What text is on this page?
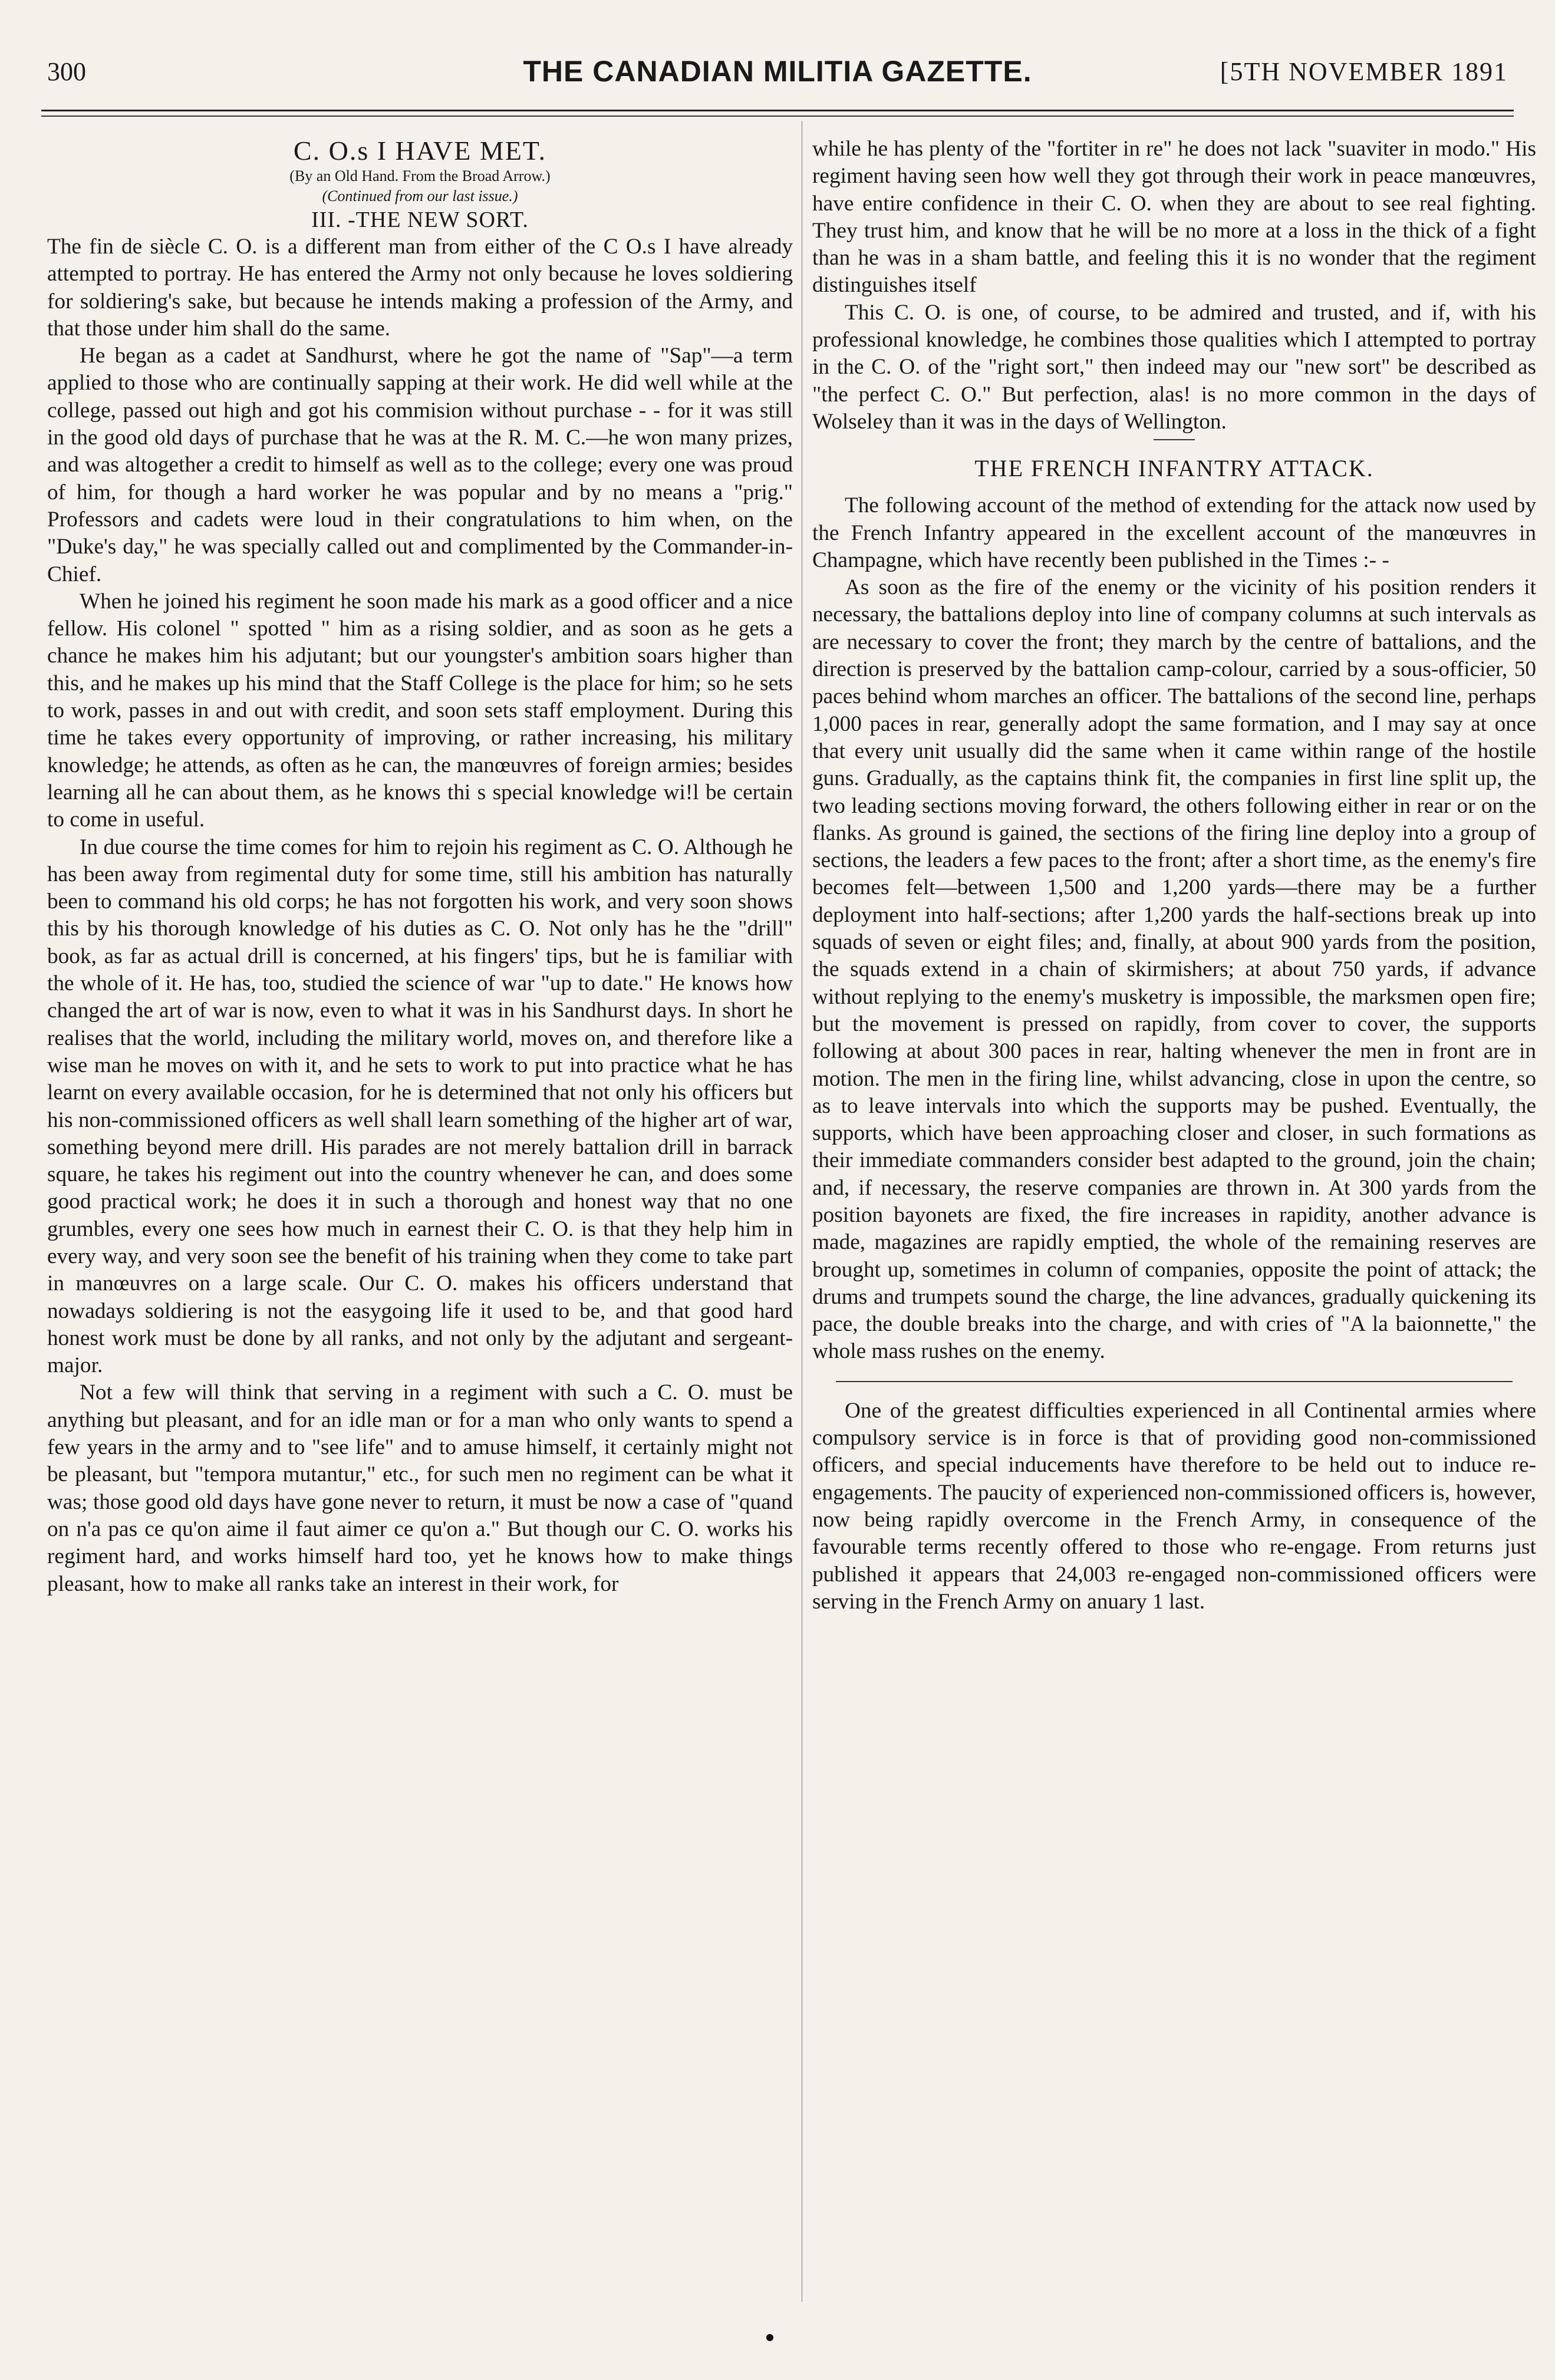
300	THE CANADIAN MILITIA GAZETTE.	[5TH NOVEMBER 1891
C. O.s I HAVE MET.
(By an Old Hand. From the Broad Arrow.)
(Continued from our last issue.)
III. -THE NEW SORT.

The fin de siècle C. O. is a different man from either of the C O.s I have already attempted to portray. He has entered the Army not only because he loves soldiering for soldiering's sake, but because he intends making a profession of the Army, and that those under him shall do the same.

He began as a cadet at Sandhurst, where he got the name of "Sap"—a term applied to those who are continually sapping at their work. He did well while at the college, passed out high and got his commision without purchase - - for it was still in the good old days of purchase that he was at the R. M. C.—he won many prizes, and was altogether a credit to himself as well as to the college; every one was proud of him, for though a hard worker he was popular and by no means a "prig." Professors and cadets were loud in their congratulations to him when, on the "Duke's day," he was specially called out and complimented by the Commander-in-Chief.

When he joined his regiment he soon made his mark as a good officer and a nice fellow. His colonel " spotted " him as a rising soldier, and as soon as he gets a chance he makes him his adjutant; but our youngster's ambition soars higher than this, and he makes up his mind that the Staff College is the place for him; so he sets to work, passes in and out with credit, and soon sets staff employment. During this time he takes every opportunity of improving, or rather increasing, his military knowledge; he attends, as often as he can, the manœuvres of foreign armies; besides learning all he can about them, as he knows thi s special knowledge wi!l be certain to come in useful.

In due course the time comes for him to rejoin his regiment as C. O. Although he has been away from regimental duty for some time, still his ambition has naturally been to command his old corps; he has not forgotten his work, and very soon shows this by his thorough knowledge of his duties as C. O. Not only has he the "drill" book, as far as actual drill is concerned, at his fingers' tips, but he is familiar with the whole of it. He has, too, studied the science of war "up to date." He knows how changed the art of war is now, even to what it was in his Sandhurst days. In short he realises that the world, including the military world, moves on, and therefore like a wise man he moves on with it, and he sets to work to put into practice what he has learnt on every available occasion, for he is determined that not only his officers but his non-commissioned officers as well shall learn something of the higher art of war, something beyond mere drill. His parades are not merely battalion drill in barrack square, he takes his regiment out into the country whenever he can, and does some good practical work; he does it in such a thorough and honest way that no one grumbles, every one sees how much in earnest their C. O. is that they help him in every way, and very soon see the benefit of his training when they come to take part in manœuvres on a large scale. Our C. O. makes his officers understand that nowadays soldiering is not the easygoing life it used to be, and that good hard honest work must be done by all ranks, and not only by the adjutant and sergeant-major.

Not a few will think that serving in a regiment with such a C. O. must be anything but pleasant, and for an idle man or for a man who only wants to spend a few years in the army and to "see life" and to amuse himself, it certainly might not be pleasant, but "tempora mutantur," etc., for such men no regiment can be what it was; those good old days have gone never to return, it must be now a case of "quand on n'a pas ce qu'on aime il faut aimer ce qu'on a." But though our C. O. works his regiment hard, and works himself hard too, yet he knows how to make things pleasant, how to make all ranks take an interest in their work, for

while he has plenty of the "fortiter in re" he does not lack "suaviter in modo." His regiment having seen how well they got through their work in peace manœuvres, have entire confidence in their C. O. when they are about to see real fighting. They trust him, and know that he will be no more at a loss in the thick of a fight than he was in a sham battle, and feeling this it is no wonder that the regiment distinguishes itself

This C. O. is one, of course, to be admired and trusted, and if, with his professional knowledge, he combines those qualities which I attempted to portray in the C. O. of the "right sort," then indeed may our "new sort" be described as "the perfect C. O." But perfection, alas! is no more common in the days of Wolseley than it was in the days of Wellington.

THE FRENCH INFANTRY ATTACK.

The following account of the method of extending for the attack now used by the French Infantry appeared in the excellent account of the manœuvres in Champagne, which have recently been published in the Times :- -

As soon as the fire of the enemy or the vicinity of his position renders it necessary, the battalions deploy into line of company columns at such intervals as are necessary to cover the front; they march by the centre of battalions, and the direction is preserved by the battalion camp-colour, carried by a sous-officier, 50 paces behind whom marches an officer. The battalions of the second line, perhaps 1,000 paces in rear, generally adopt the same formation, and I may say at once that every unit usually did the same when it came within range of the hostile guns. Gradually, as the captains think fit, the companies in first line split up, the two leading sections moving forward, the others following either in rear or on the flanks. As ground is gained, the sections of the firing line deploy into a group of sections, the leaders a few paces to the front; after a short time, as the enemy's fire becomes felt—between 1,500 and 1,200 yards—there may be a further deployment into half-sections; after 1,200 yards the half-sections break up into squads of seven or eight files; and, finally, at about 900 yards from the position, the squads extend in a chain of skirmishers; at about 750 yards, if advance without replying to the enemy's musketry is impossible, the marksmen open fire; but the movement is pressed on rapidly, from cover to cover, the supports following at about 300 paces in rear, halting whenever the men in front are in motion. The men in the firing line, whilst advancing, close in upon the centre, so as to leave intervals into which the supports may be pushed. Eventually, the supports, which have been approaching closer and closer, in such formations as their immediate commanders consider best adapted to the ground, join the chain; and, if necessary, the reserve companies are thrown in. At 300 yards from the position bayonets are fixed, the fire increases in rapidity, another advance is made, magazines are rapidly emptied, the whole of the remaining reserves are brought up, sometimes in column of companies, opposite the point of attack; the drums and trumpets sound the charge, the line advances, gradually quickening its pace, the double breaks into the charge, and with cries of "A la baionnette," the whole mass rushes on the enemy.

One of the greatest difficulties experienced in all Continental armies where compulsory service is in force is that of providing good non-commissioned officers, and special inducements have therefore to be held out to induce re-engagements. The paucity of experienced non-commissioned officers is, however, now being rapidly overcome in the French Army, in consequence of the favourable terms recently offered to those who re-engage. From returns just published it appears that 24,003 re-engaged non-commissioned officers were serving in the French Army on anuary 1 last.
